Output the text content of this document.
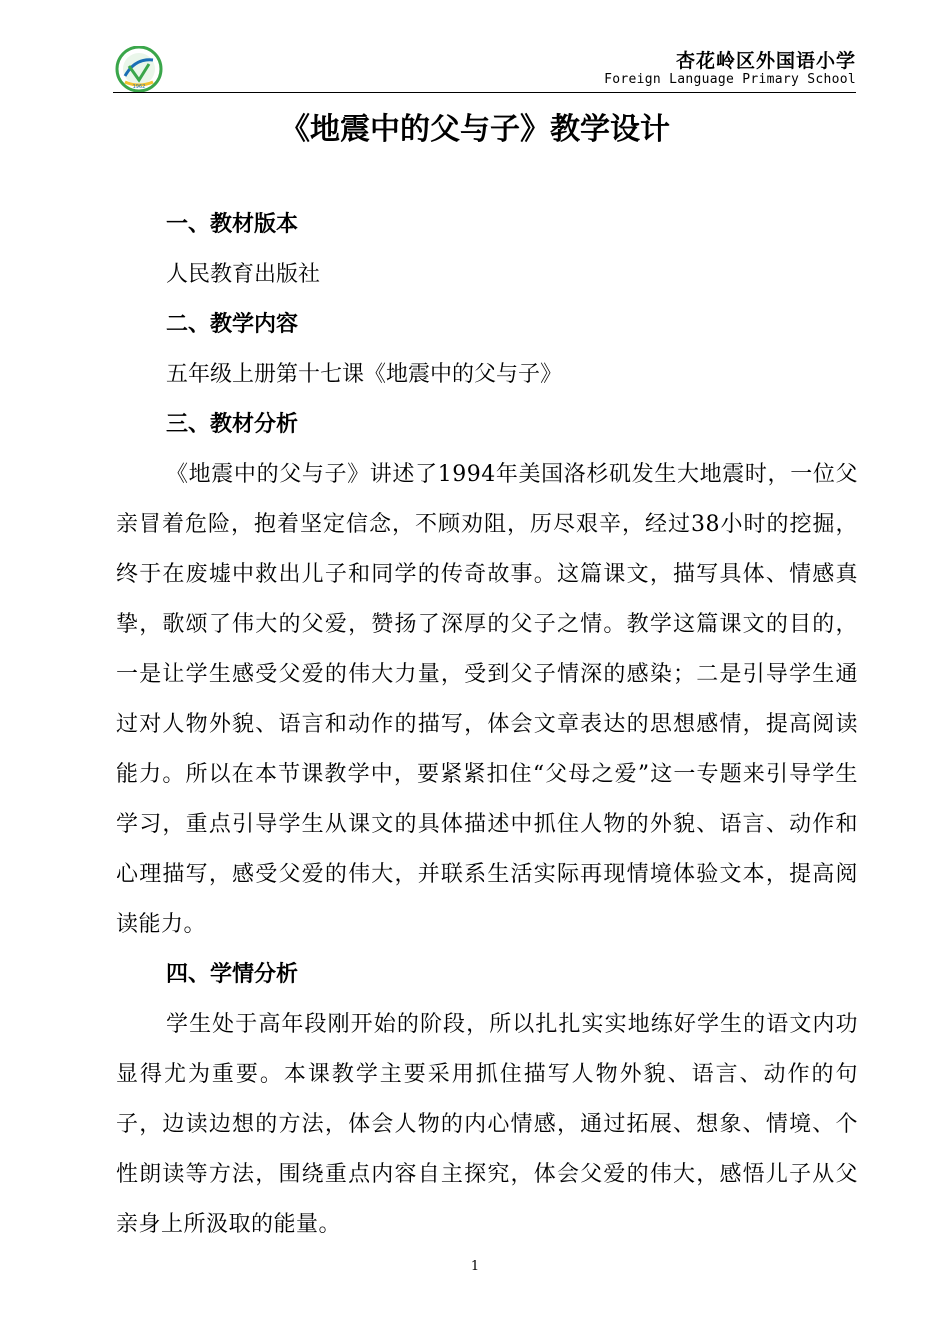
1962
杏花岭区外国语小学
Foreign Language Primary School
《地震中的父与子》教学设计
一、教材版本
人民教育出版社
二、教学内容
五年级上册第十七课《地震中的父与子》
三、教材分析

《地震中的父与子》讲述了1994年美国洛杉矶发生大地震时，一位父亲冒着危险，抱着坚定信念，不顾劝阻，历尽艰辛，经过38小时的挖掘，终于在废墟中救出儿子和同学的传奇故事。这篇课文，描写具体、情感真挚，歌颂了伟大的父爱，赞扬了深厚的父子之情。教学这篇课文的目的，一是让学生感受父爱的伟大力量，受到父子情深的感染；二是引导学生通过对人物外貌、语言和动作的描写，体会文章表达的思想感情，提高阅读能力。所以在本节课教学中，要紧紧扣住“父母之爱”这一专题来引导学生学习，重点引导学生从课文的具体描述中抓住人物的外貌、语言、动作和心理描写，感受父爱的伟大，并联系生活实际再现情境体验文本，提高阅读能力。

四、学情分析

学生处于高年段刚开始的阶段，所以扎扎实实地练好学生的语文内功显得尤为重要。本课教学主要采用抓住描写人物外貌、语言、动作的句子，边读边想的方法，体会人物的内心情感，通过拓展、想象、情境、个性朗读等方法，围绕重点内容自主探究，体会父爱的伟大，感悟儿子从父亲身上所汲取的能量。

1
